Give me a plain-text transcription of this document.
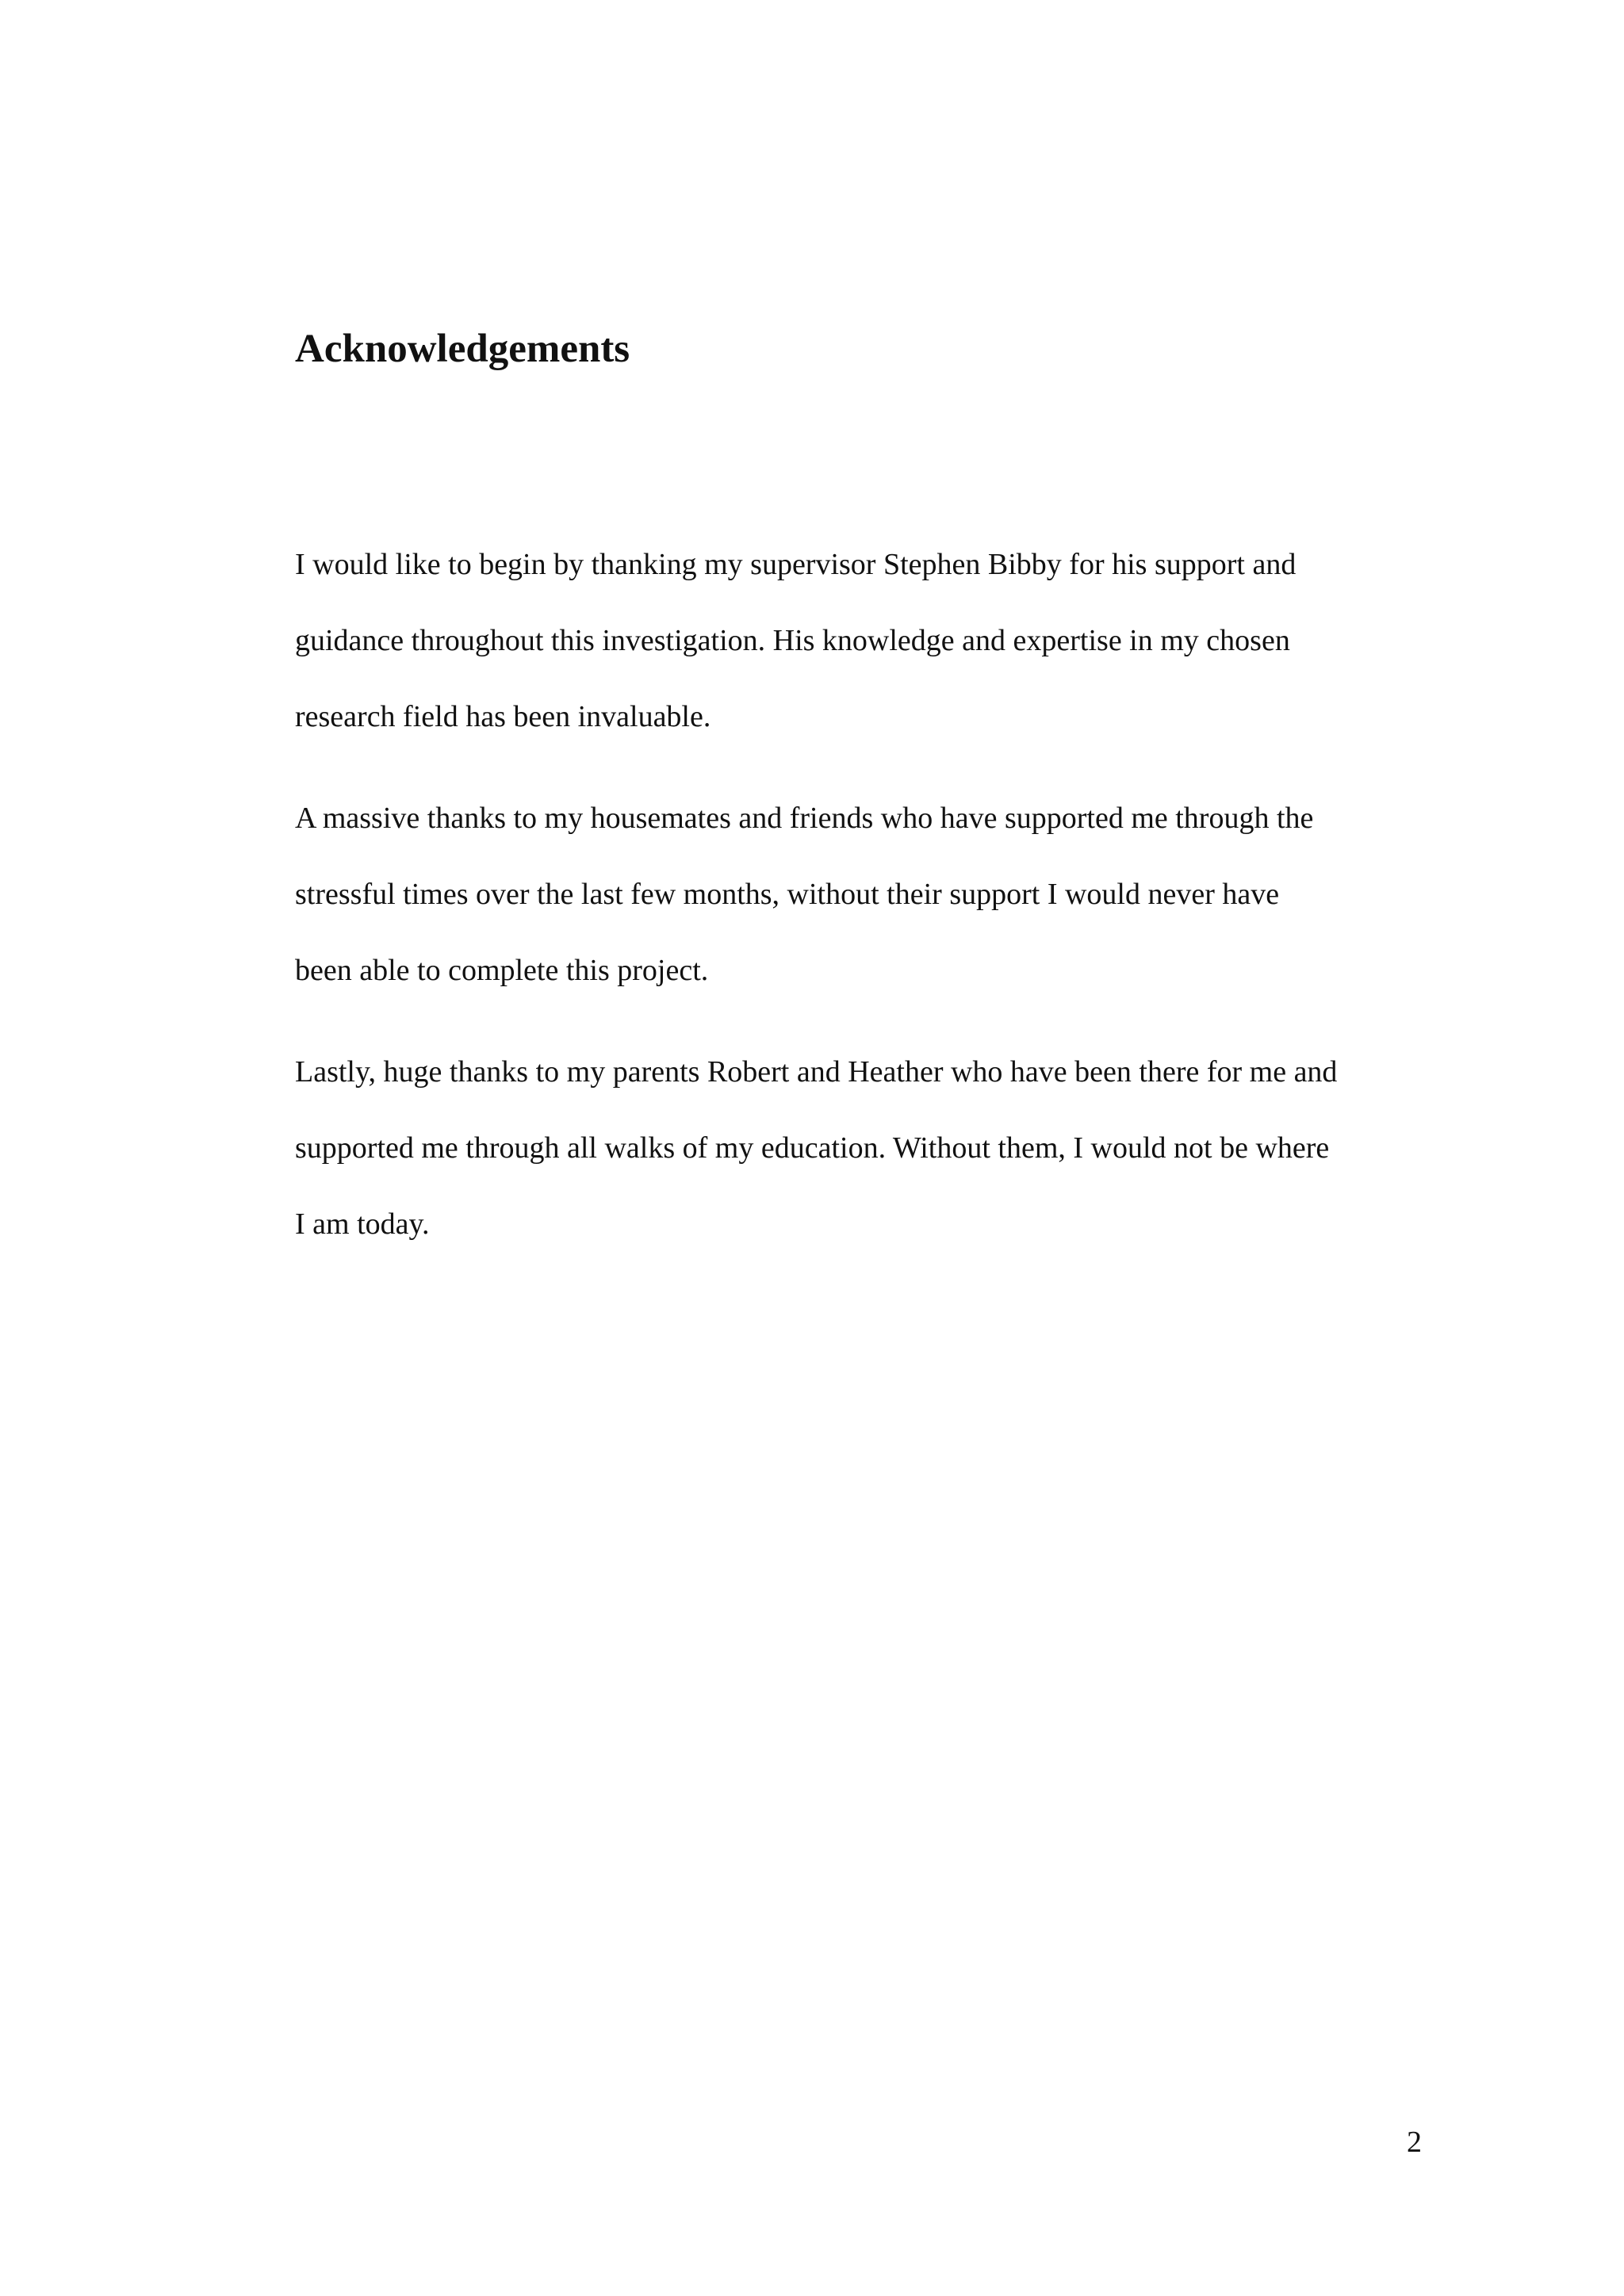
Acknowledgements

I would like to begin by thanking my supervisor Stephen Bibby for his support and

guidance throughout this investigation. His knowledge and expertise in my chosen

research field has been invaluable.

A massive thanks to my housemates and friends who have supported me through the

stressful times over the last few months, without their support I would never have

been able to complete this project.

Lastly, huge thanks to my parents Robert and Heather who have been there for me and

supported me through all walks of my education. Without them, I would not be where

I am today.

2
